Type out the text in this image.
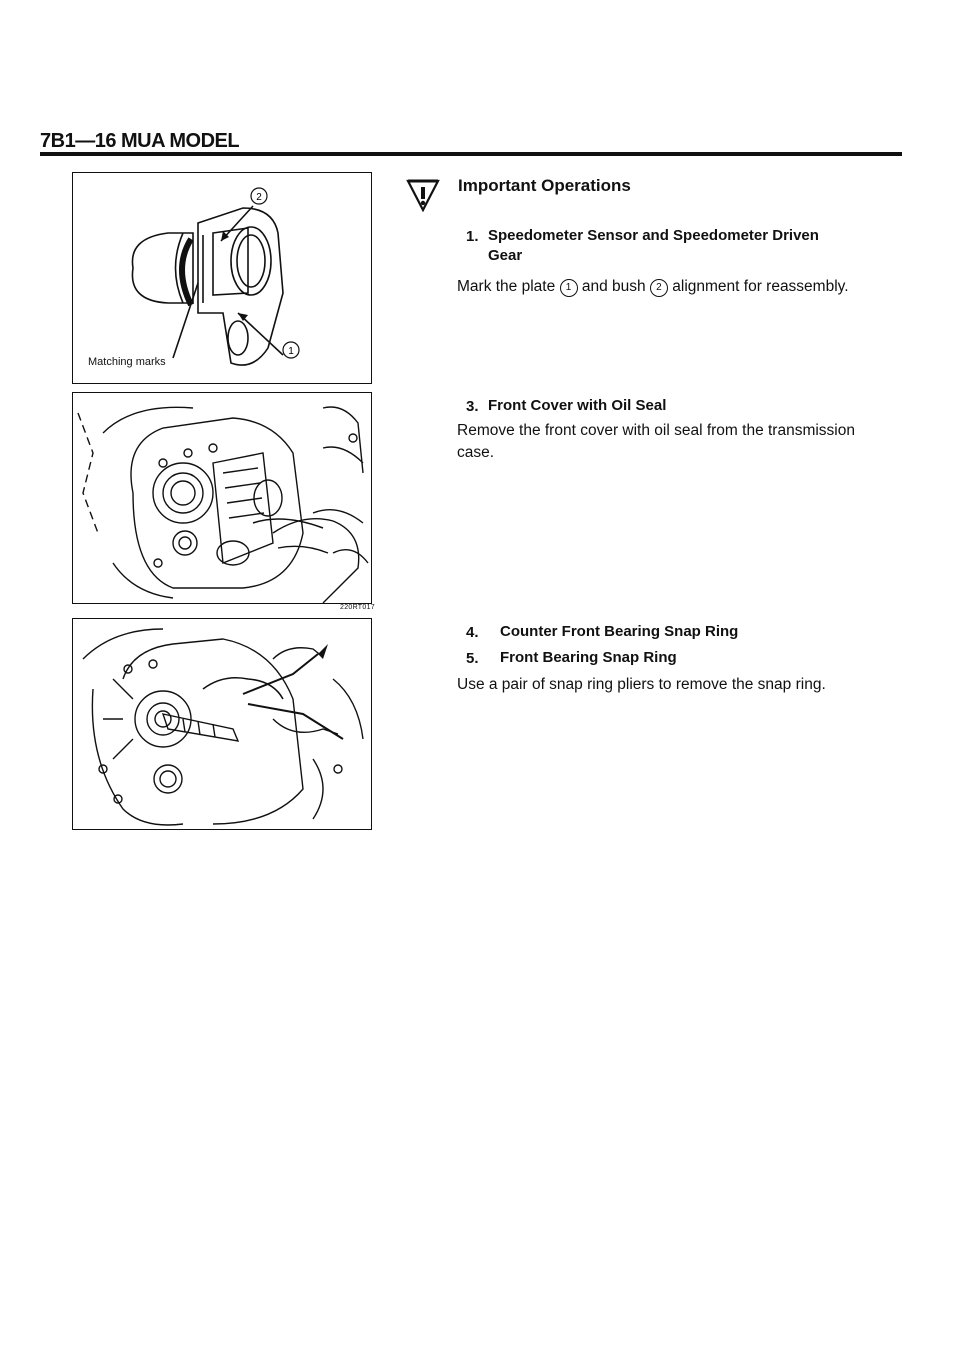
7B1—16 MUA MODEL
2
1
Matching marks
220RT017
Important Operations
1. Speedometer Sensor and Speedometer Driven
Gear
Mark the plate 1 and bush 2 alignment for reassembly.
3. Front Cover with Oil Seal
Remove the front cover with oil seal from the transmission
case.
4. Counter Front Bearing Snap Ring
5. Front Bearing Snap Ring
Use a pair of snap ring pliers to remove the snap ring.
